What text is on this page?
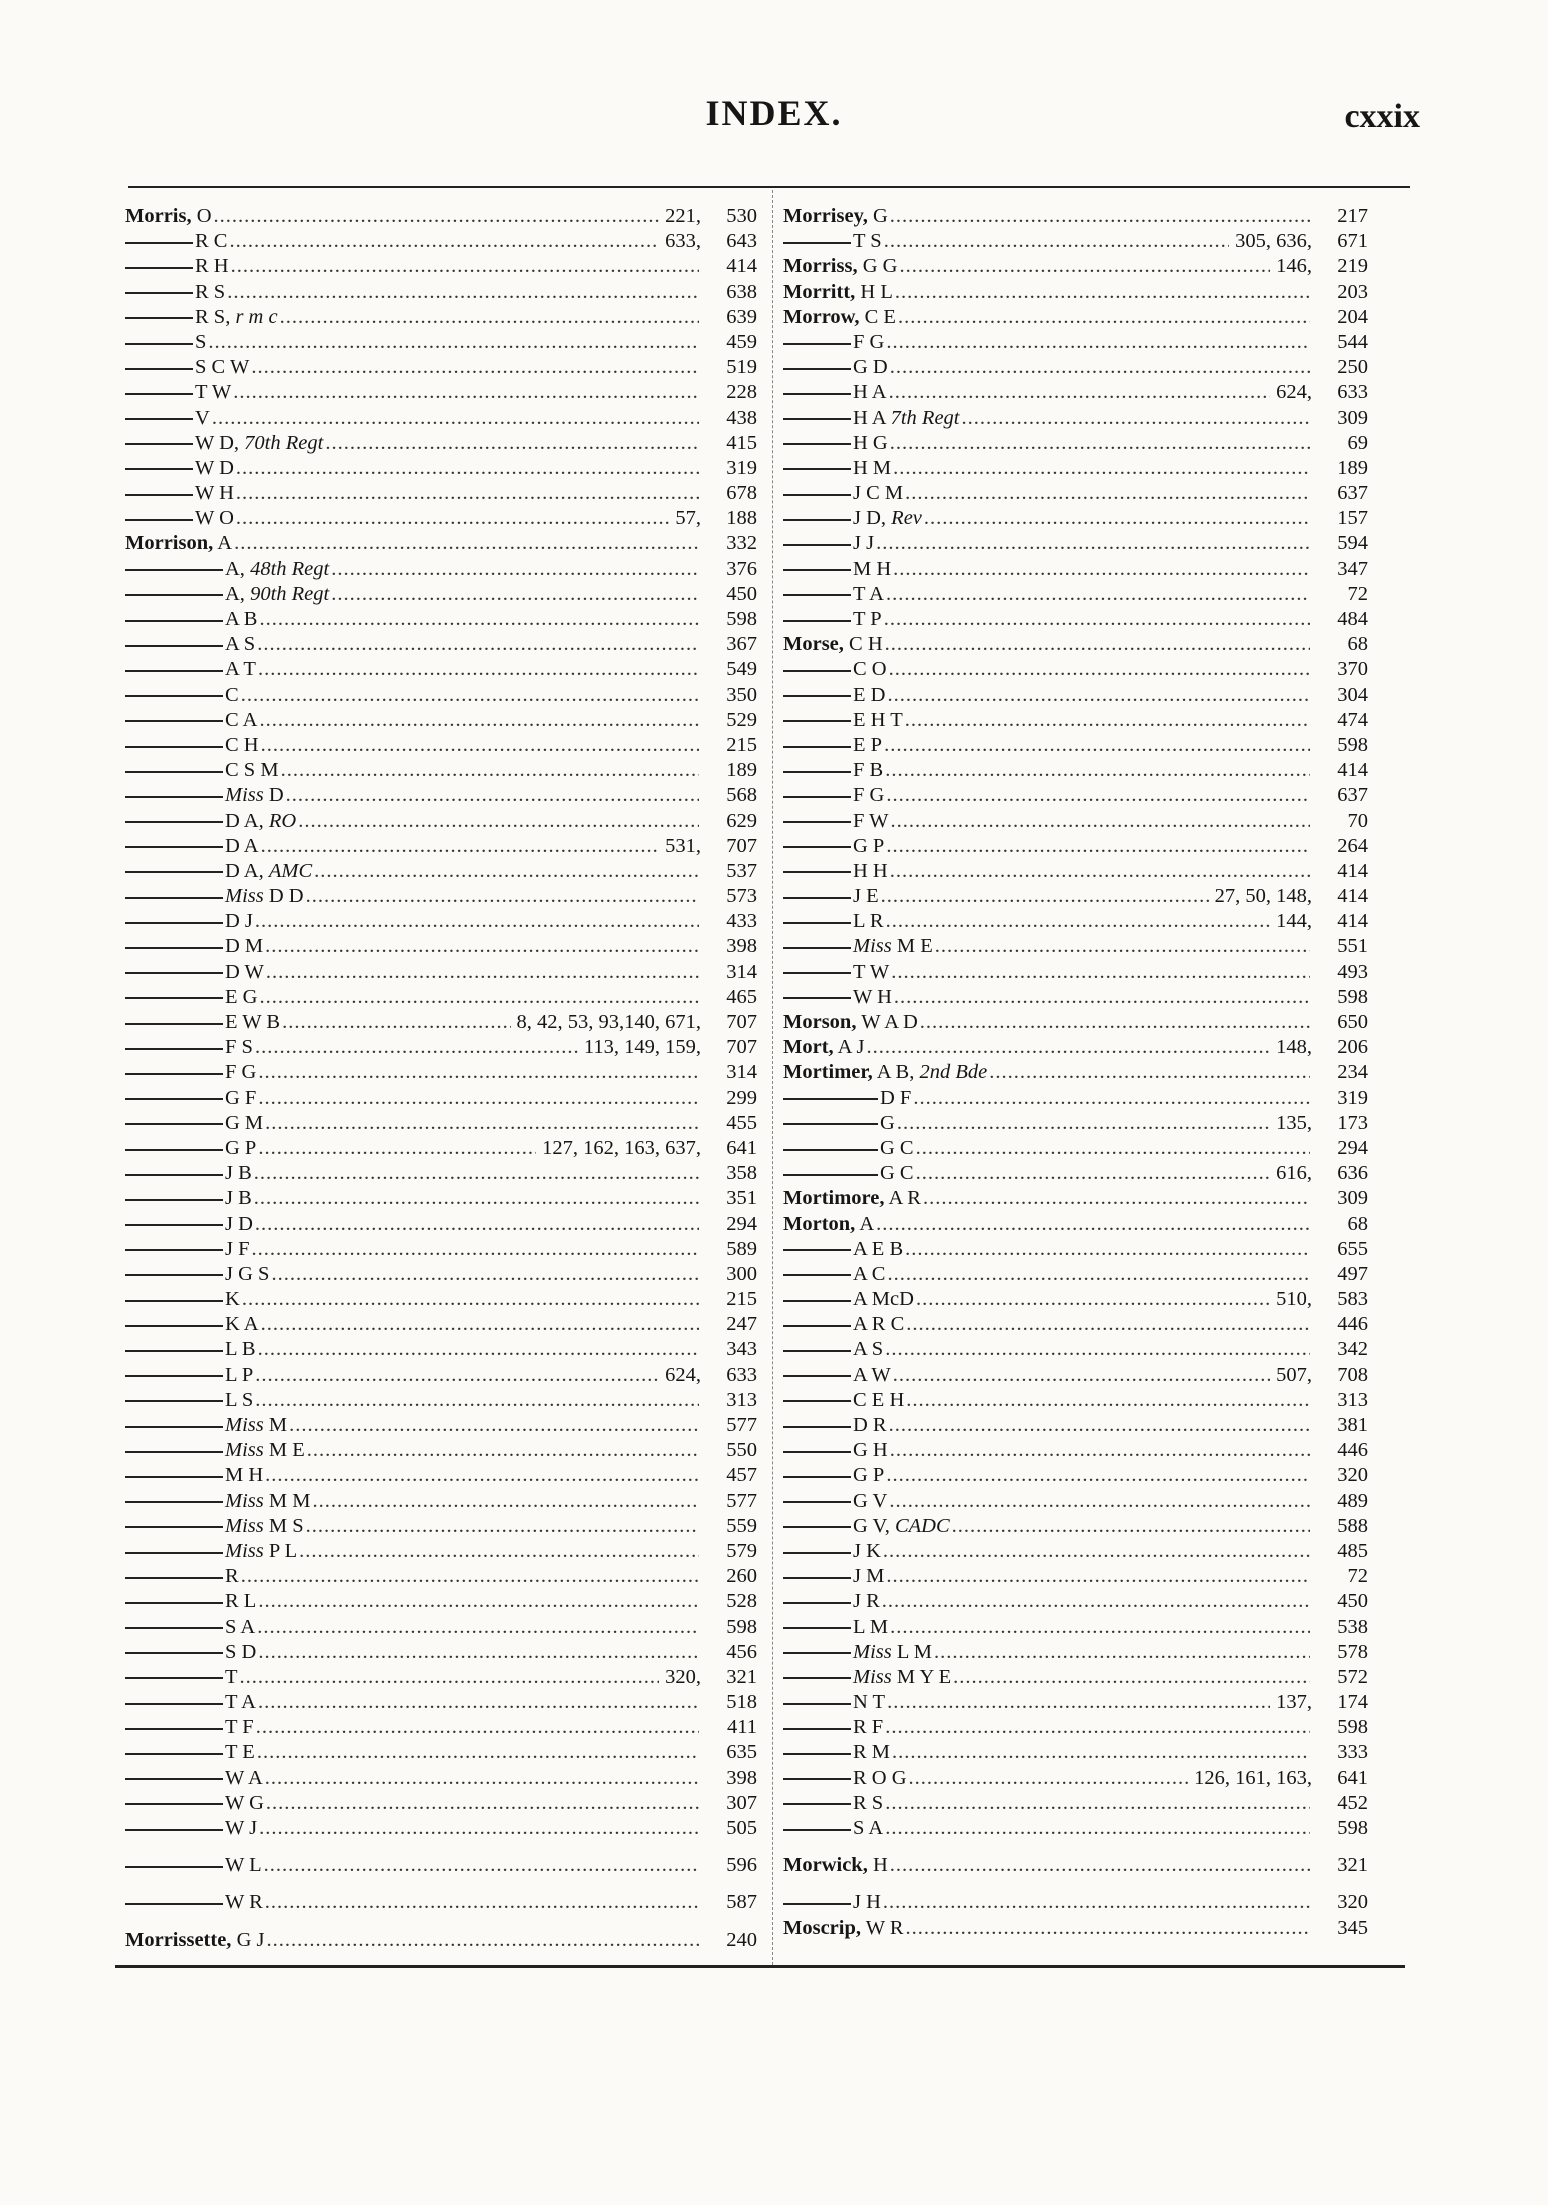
INDEX.	cxxix
Morris, O .....	221,	530
R C .....	633,	643
R H .....	414
R S .....	638
R S, r m c .....	639
S .....	459
S C W .....	519
T W .....	228
V .....	438
W D, 70th Regt .....	415
W D .....	319
W H .....	678
W O .....	57,	188
Morrison, A .....	332
A, 48th Regt .....	376
A, 90th Regt .....	450
A B .....	598
A S .....	367
A T .....	549
C .....	350
C A .....	529
C H .....	215
C S M .....	189
Miss D .....	568
D A, RO .....	629
D A .....	531,	707
D A, AMC .....	537
Miss D D .....	573
D J .....	433
D M .....	398
D W .....	314
E G .....	465
E W B .....	8, 42, 53, 93,140, 671,	707
F S .....	113, 149, 159,	707
F G .....	314
G F .....	299
G M .....	455
G P .....	127, 162, 163, 637,	641
J B .....	358
J B .....	351
J D .....	294
J F .....	589
J G S .....	300
K .....	215
K A .....	247
L B .....	343
L P .....	624,	633
L S .....	313
Miss M .....	577
Miss M E .....	550
M H .....	457
Miss M M .....	577
Miss M S .....	559
Miss P L .....	579
R .....	260
R L .....	528
S A .....	598
S D .....	456
T .....	320,	321
T A .....	518
T F .....	411
T E .....	635
W A .....	398
W G .....	307
W J .....	505
W L .....	596
W R .....	587
Morrissette, G J .....	240
Morrisey, G .....	217
T S .....	305, 636,	671
Morriss, G G .....	146,	219
Morritt, H L .....	203
Morrow, C E .....	204
F G .....	544
G D .....	250
H A .....	624,	633
H A 7th Regt .....	309
H G .....	69
H M .....	189
J C M .....	637
J D, Rev .....	157
J J .....	594
M H .....	347
T A .....	72
T P .....	484
Morse, C H .....	68
C O .....	370
E D .....	304
E H T .....	474
E P .....	598
F B .....	414
F G .....	637
F W .....	70
G P .....	264
H H .....	414
J E .....	27, 50, 148,	414
L R .....	144,	414
Miss M E .....	551
T W .....	493
W H .....	598
Morson, W A D .....	650
Mort, A J .....	148,	206
Mortimer, A B, 2nd Bde .....	234
D F .....	319
G .....	135,	173
G C .....	294
G C .....	616,	636
Mortimore, A R .....	309
Morton, A .....	68
A E B .....	655
A C .....	497
A McD .....	510,	583
A R C .....	446
A S .....	342
A W .....	507,	708
C E H .....	313
D R .....	381
G H .....	446
G P .....	320
G V .....	489
G V, CADC .....	588
J K .....	485
J M .....	72
J R .....	450
L M .....	538
Miss L M .....	578
Miss M Y E .....	572
N T .....	137,	174
R F .....	598
R M .....	333
R O G .....	126, 161, 163,	641
R S .....	452
S A .....	598
Morwick, H .....	321
J H .....	320
Moscrip, W R .....	345
